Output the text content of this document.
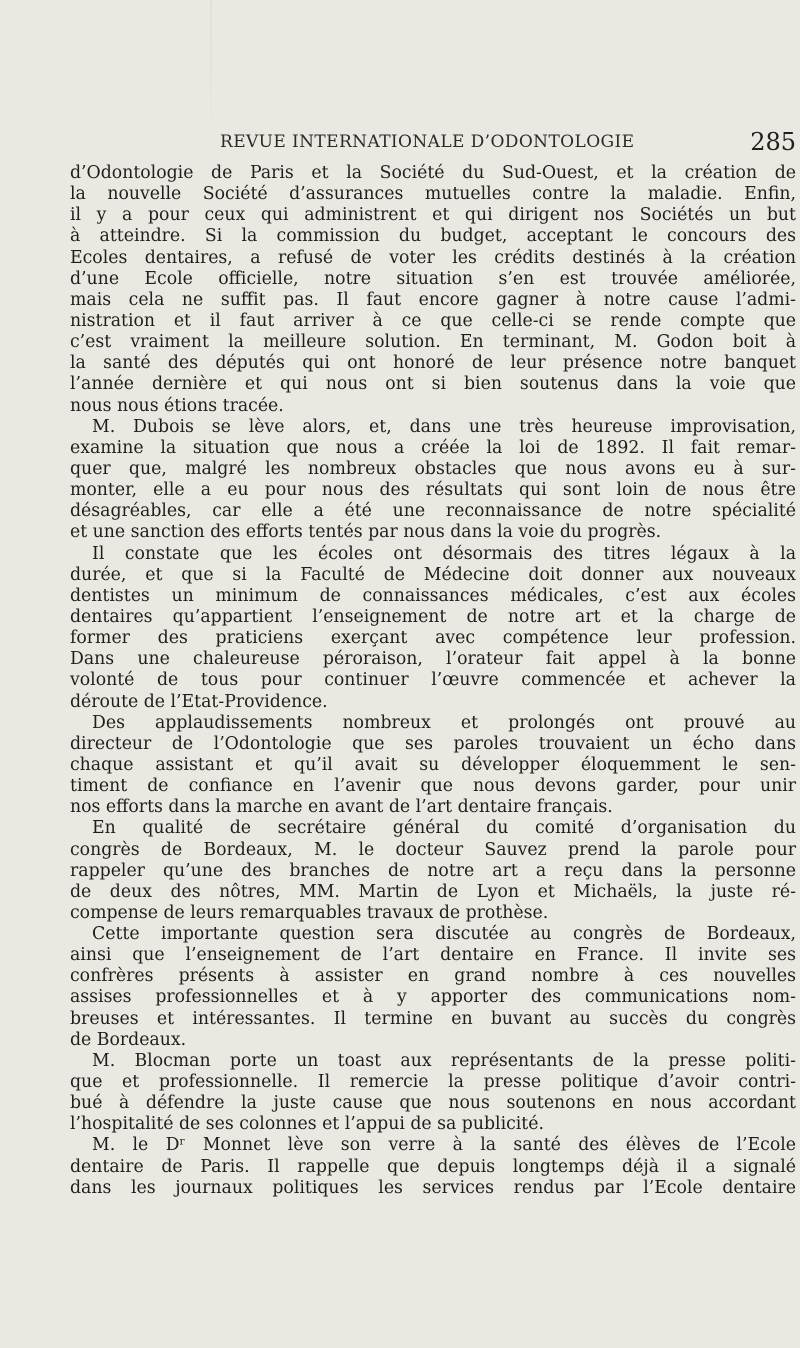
REVUE INTERNATIONALE D’ODONTOLOGIE	285
d’Odontologie de Paris et la Société du Sud-Ouest, et la création de
la nouvelle Société d’assurances mutuelles contre la maladie. Enfin,
il y a pour ceux qui administrent et qui dirigent nos Sociétés un but
à atteindre. Si la commission du budget, acceptant le concours des
Ecoles dentaires, a refusé de voter les crédits destinés à la création
d’une Ecole officielle, notre situation s’en est trouvée améliorée,
mais cela ne suffit pas. Il faut encore gagner à notre cause l’admi-
nistration et il faut arriver à ce que celle-ci se rende compte que
c’est vraiment la meilleure solution. En terminant, M. Godon boit à
la santé des députés qui ont honoré de leur présence notre banquet
l’année dernière et qui nous ont si bien soutenus dans la voie que
nous nous étions tracée.
M. Dubois se lève alors, et, dans une très heureuse improvisation,
examine la situation que nous a créée la loi de 1892. Il fait remar-
quer que, malgré les nombreux obstacles que nous avons eu à sur-
monter, elle a eu pour nous des résultats qui sont loin de nous être
désagréables, car elle a été une reconnaissance de notre spécialité
et une sanction des efforts tentés par nous dans la voie du progrès.
Il constate que les écoles ont désormais des titres légaux à la
durée, et que si la Faculté de Médecine doit donner aux nouveaux
dentistes un minimum de connaissances médicales, c’est aux écoles
dentaires qu’appartient l’enseignement de notre art et la charge de
former des praticiens exerçant avec compétence leur profession.
Dans une chaleureuse péroraison, l’orateur fait appel à la bonne
volonté de tous pour continuer l’œuvre commencée et achever la
déroute de l’Etat-Providence.
Des applaudissements nombreux et prolongés ont prouvé au
directeur de l’Odontologie que ses paroles trouvaient un écho dans
chaque assistant et qu’il avait su développer éloquemment le sen-
timent de confiance en l’avenir que nous devons garder, pour unir
nos efforts dans la marche en avant de l’art dentaire français.
En qualité de secrétaire général du comité d’organisation du
congrès de Bordeaux, M. le docteur Sauvez prend la parole pour
rappeler qu’une des branches de notre art a reçu dans la personne
de deux des nôtres, MM. Martin de Lyon et Michaëls, la juste ré-
compense de leurs remarquables travaux de prothèse.
Cette importante question sera discutée au congrès de Bordeaux,
ainsi que l’enseignement de l’art dentaire en France. Il invite ses
confrères présents à assister en grand nombre à ces nouvelles
assises professionnelles et à y apporter des communications nom-
breuses et intéressantes. Il termine en buvant au succès du congrès
de Bordeaux.
M. Blocman porte un toast aux représentants de la presse politi-
que et professionnelle. Il remercie la presse politique d’avoir contri-
bué à défendre la juste cause que nous soutenons en nous accordant
l’hospitalité de ses colonnes et l’appui de sa publicité.
M. le Dʳ Monnet lève son verre à la santé des élèves de l’Ecole
dentaire de Paris. Il rappelle que depuis longtemps déjà il a signalé
dans les journaux politiques les services rendus par l’Ecole dentaire
